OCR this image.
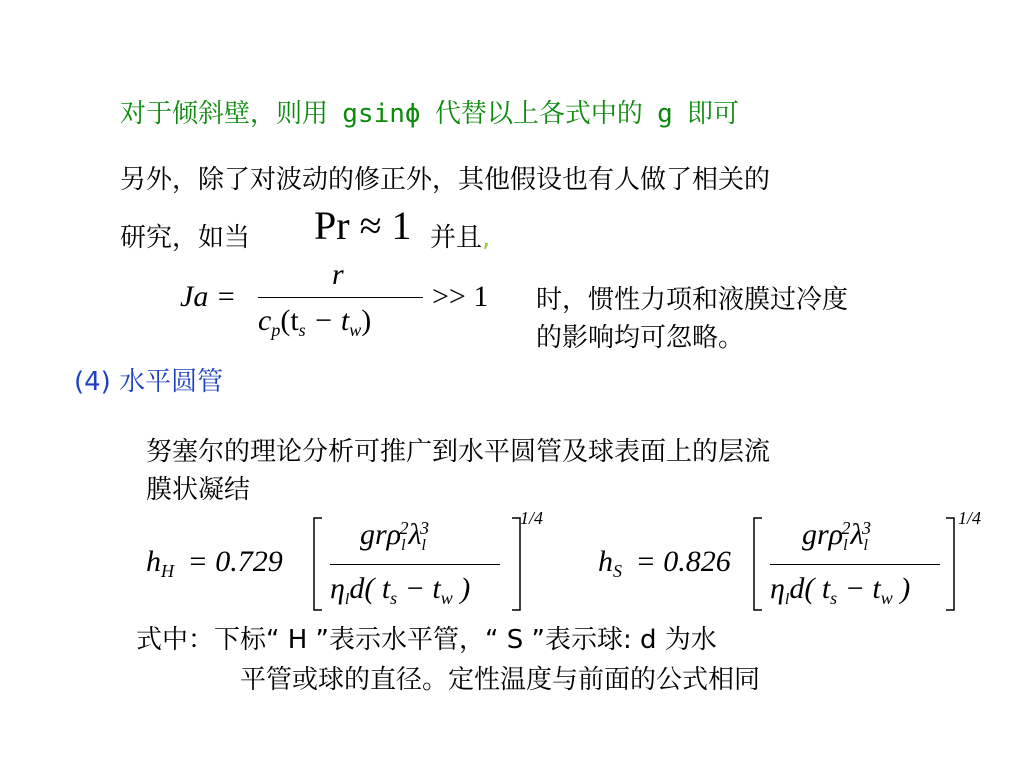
对于倾斜壁，则用 gsinϕ 代替以上各式中的 g 即可
另外，除了对波动的修正外，其他假设也有人做了相关的
研究，如当 Pr ≈ 1 并且,
Ja =
r
$c_p(t_s - t_w)$
>> 1 时，惯性力项和液膜过冷度
的影响均可忽略。
(4) 水平圆管
努塞尔的理论分析可推广到水平圆管及球表面上的层流
膜状凝结
$h_H = 0.729$
$gr\rho_l^2\lambda_l^3$
$\eta_ld$( $t_s - t_w$ )
1/4
$h_S = 0.826$
$gr\rho_l^2\lambda_l^3$
$\eta_ld$( $t_s - t_w$ )
1/4
式中：下标“ H ”表示水平管，“ S ”表示球: d 为水
平管或球的直径。定性温度与前面的公式相同
